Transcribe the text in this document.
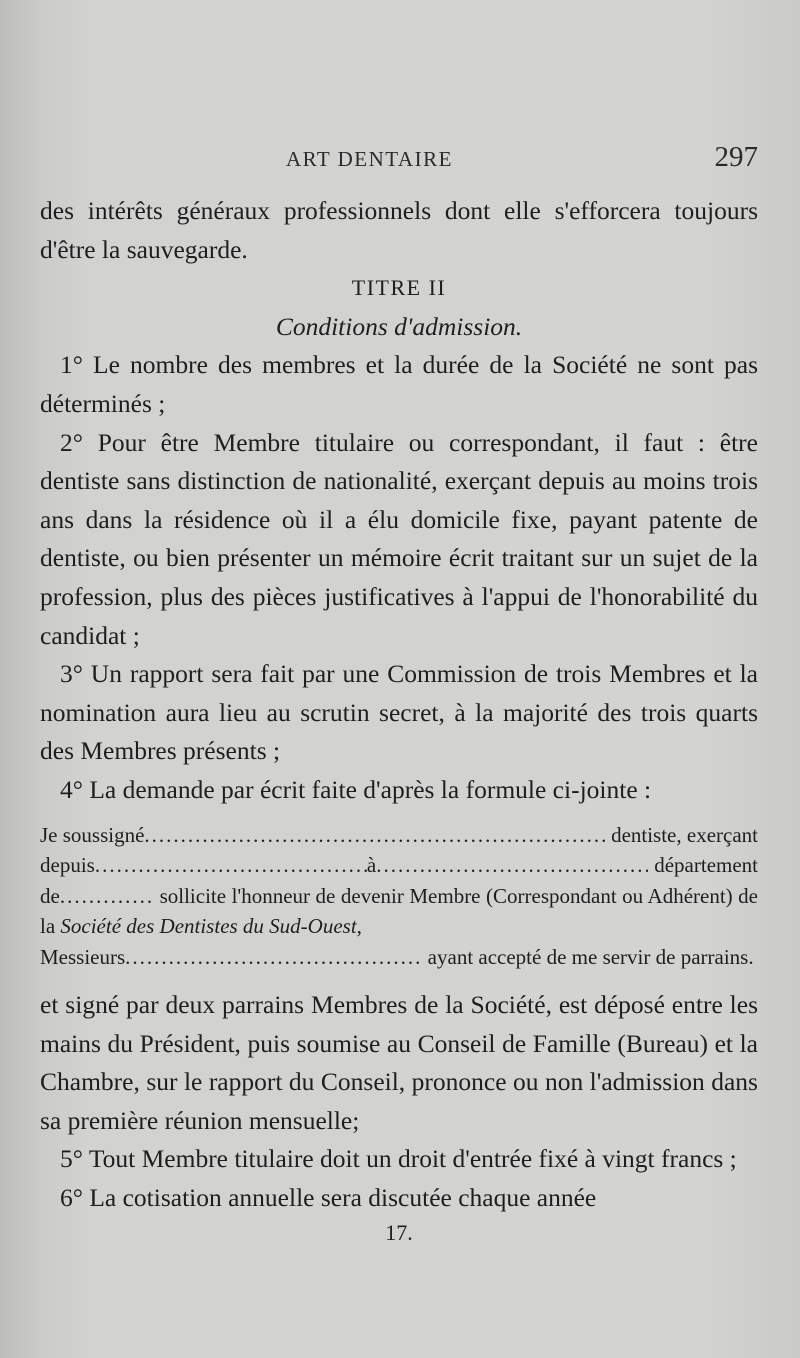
ART DENTAIRE	297

des intérêts généraux professionnels dont elle s'efforcera toujours d'être la sauvegarde.

TITRE II

Conditions d'admission.

1° Le nombre des membres et la durée de la Société ne sont pas déterminés ;

2° Pour être Membre titulaire ou correspondant, il faut : être dentiste sans distinction de nationalité, exerçant depuis au moins trois ans dans la résidence où il a élu domicile fixe, payant patente de dentiste, ou bien présenter un mémoire écrit traitant sur un sujet de la profession, plus des pièces justificatives à l'appui de l'honorabilité du candidat ;

3° Un rapport sera fait par une Commission de trois Membres et la nomination aura lieu au scrutin secret, à la majorité des trois quarts des Membres présents ;

4° La demande par écrit faite d'après la formule ci-jointe :

Je soussigné .....	dentiste, exerçant
depuis .....	à .....	département
de............. sollicite l'honneur de devenir Membre (Correspondant ou Adhérent) de la Société des Dentistes du Sud-Ouest,
Messieurs......................................... ayant accepté de me servir de parrains.

et signé par deux parrains Membres de la Société, est déposé entre les mains du Président, puis soumise au Conseil de Famille (Bureau) et la Chambre, sur le rapport du Conseil, prononce ou non l'admission dans sa première réunion mensuelle;

5° Tout Membre titulaire doit un droit d'entrée fixé à vingt francs ;

6° La cotisation annuelle sera discutée chaque année

17.
